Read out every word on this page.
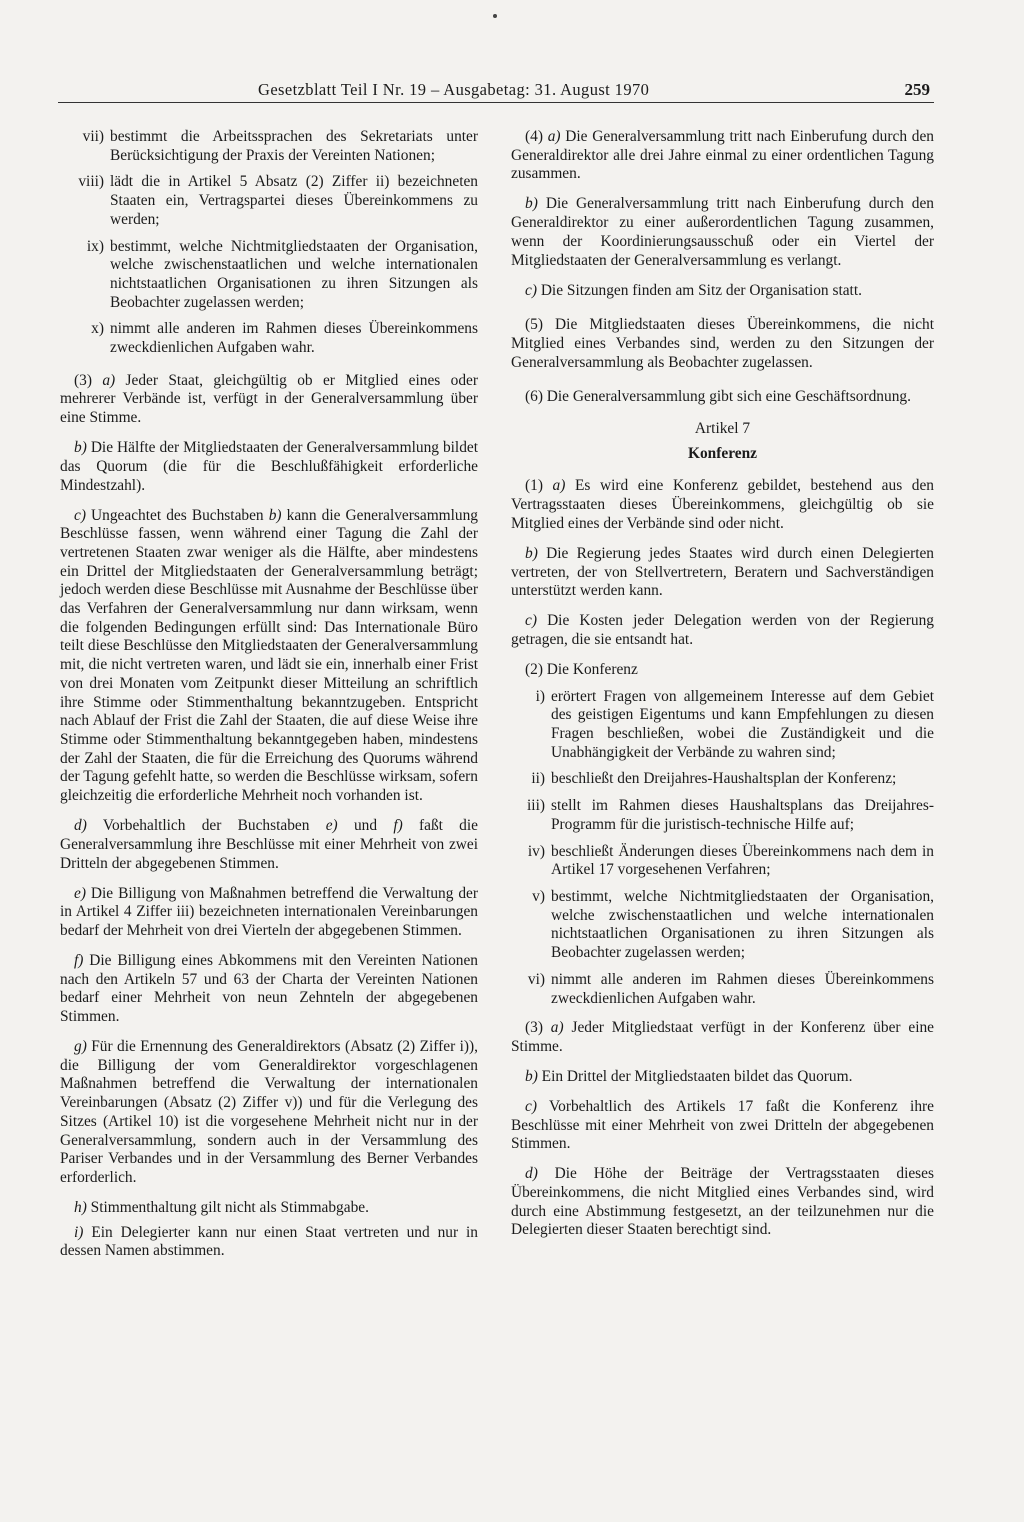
Gesetzblatt Teil I Nr. 19 – Ausgabetag: 31. August 1970	259
vii) bestimmt die Arbeitssprachen des Sekretariats unter Berücksichtigung der Praxis der Vereinten Nationen;
viii) lädt die in Artikel 5 Absatz (2) Ziffer ii) bezeichneten Staaten ein, Vertragspartei dieses Übereinkommens zu werden;
ix) bestimmt, welche Nichtmitgliedstaaten der Organisation, welche zwischenstaatlichen und welche internationalen nichtstaatlichen Organisationen zu ihren Sitzungen als Beobachter zugelassen werden;
x) nimmt alle anderen im Rahmen dieses Übereinkommens zweckdienlichen Aufgaben wahr.

(3) a) Jeder Staat, gleichgültig ob er Mitglied eines oder mehrerer Verbände ist, verfügt in der Generalversammlung über eine Stimme.

b) Die Hälfte der Mitgliedstaaten der Generalversammlung bildet das Quorum (die für die Beschlußfähigkeit erforderliche Mindestzahl).

c) Ungeachtet des Buchstaben b) kann die Generalversammlung Beschlüsse fassen, wenn während einer Tagung die Zahl der vertretenen Staaten zwar weniger als die Hälfte, aber mindestens ein Drittel der Mitgliedstaaten der Generalversammlung beträgt; jedoch werden diese Beschlüsse mit Ausnahme der Beschlüsse über das Verfahren der Generalversammlung nur dann wirksam, wenn die folgenden Bedingungen erfüllt sind: Das Internationale Büro teilt diese Beschlüsse den Mitgliedstaaten der Generalversammlung mit, die nicht vertreten waren, und lädt sie ein, innerhalb einer Frist von drei Monaten vom Zeitpunkt dieser Mitteilung an schriftlich ihre Stimme oder Stimmenthaltung bekanntzugeben. Entspricht nach Ablauf der Frist die Zahl der Staaten, die auf diese Weise ihre Stimme oder Stimmenthaltung bekanntgegeben haben, mindestens der Zahl der Staaten, die für die Erreichung des Quorums während der Tagung gefehlt hatte, so werden die Beschlüsse wirksam, sofern gleichzeitig die erforderliche Mehrheit noch vorhanden ist.

d) Vorbehaltlich der Buchstaben e) und f) faßt die Generalversammlung ihre Beschlüsse mit einer Mehrheit von zwei Dritteln der abgegebenen Stimmen.

e) Die Billigung von Maßnahmen betreffend die Verwaltung der in Artikel 4 Ziffer iii) bezeichneten internationalen Vereinbarungen bedarf der Mehrheit von drei Vierteln der abgegebenen Stimmen.

f) Die Billigung eines Abkommens mit den Vereinten Nationen nach den Artikeln 57 und 63 der Charta der Vereinten Nationen bedarf einer Mehrheit von neun Zehnteln der abgegebenen Stimmen.

g) Für die Ernennung des Generaldirektors (Absatz (2) Ziffer i)), die Billigung der vom Generaldirektor vorgeschlagenen Maßnahmen betreffend die Verwaltung der internationalen Vereinbarungen (Absatz (2) Ziffer v)) und für die Verlegung des Sitzes (Artikel 10) ist die vorgesehene Mehrheit nicht nur in der Generalversammlung, sondern auch in der Versammlung des Pariser Verbandes und in der Versammlung des Berner Verbandes erforderlich.

h) Stimmenthaltung gilt nicht als Stimmabgabe.

i) Ein Delegierter kann nur einen Staat vertreten und nur in dessen Namen abstimmen.

(4) a) Die Generalversammlung tritt nach Einberufung durch den Generaldirektor alle drei Jahre einmal zu einer ordentlichen Tagung zusammen.

b) Die Generalversammlung tritt nach Einberufung durch den Generaldirektor zu einer außerordentlichen Tagung zusammen, wenn der Koordinierungsausschuß oder ein Viertel der Mitgliedstaaten der Generalversammlung es verlangt.

c) Die Sitzungen finden am Sitz der Organisation statt.

(5) Die Mitgliedstaaten dieses Übereinkommens, die nicht Mitglied eines Verbandes sind, werden zu den Sitzungen der Generalversammlung als Beobachter zugelassen.

(6) Die Generalversammlung gibt sich eine Geschäftsordnung.

Artikel 7
Konferenz

(1) a) Es wird eine Konferenz gebildet, bestehend aus den Vertragsstaaten dieses Übereinkommens, gleichgültig ob sie Mitglied eines der Verbände sind oder nicht.

b) Die Regierung jedes Staates wird durch einen Delegierten vertreten, der von Stellvertretern, Beratern und Sachverständigen unterstützt werden kann.

c) Die Kosten jeder Delegation werden von der Regierung getragen, die sie entsandt hat.

(2) Die Konferenz
i) erörtert Fragen von allgemeinem Interesse auf dem Gebiet des geistigen Eigentums und kann Empfehlungen zu diesen Fragen beschließen, wobei die Zuständigkeit und die Unabhängigkeit der Verbände zu wahren sind;
ii) beschließt den Dreijahres-Haushaltsplan der Konferenz;
iii) stellt im Rahmen dieses Haushaltsplans das Dreijahres-Programm für die juristisch-technische Hilfe auf;
iv) beschließt Änderungen dieses Übereinkommens nach dem in Artikel 17 vorgesehenen Verfahren;
v) bestimmt, welche Nichtmitgliedstaaten der Organisation, welche zwischenstaatlichen und welche internationalen nichtstaatlichen Organisationen zu ihren Sitzungen als Beobachter zugelassen werden;
vi) nimmt alle anderen im Rahmen dieses Übereinkommens zweckdienlichen Aufgaben wahr.

(3) a) Jeder Mitgliedstaat verfügt in der Konferenz über eine Stimme.

b) Ein Drittel der Mitgliedstaaten bildet das Quorum.

c) Vorbehaltlich des Artikels 17 faßt die Konferenz ihre Beschlüsse mit einer Mehrheit von zwei Dritteln der abgegebenen Stimmen.

d) Die Höhe der Beiträge der Vertragsstaaten dieses Übereinkommens, die nicht Mitglied eines Verbandes sind, wird durch eine Abstimmung festgesetzt, an der teilzunehmen nur die Delegierten dieser Staaten berechtigt sind.
